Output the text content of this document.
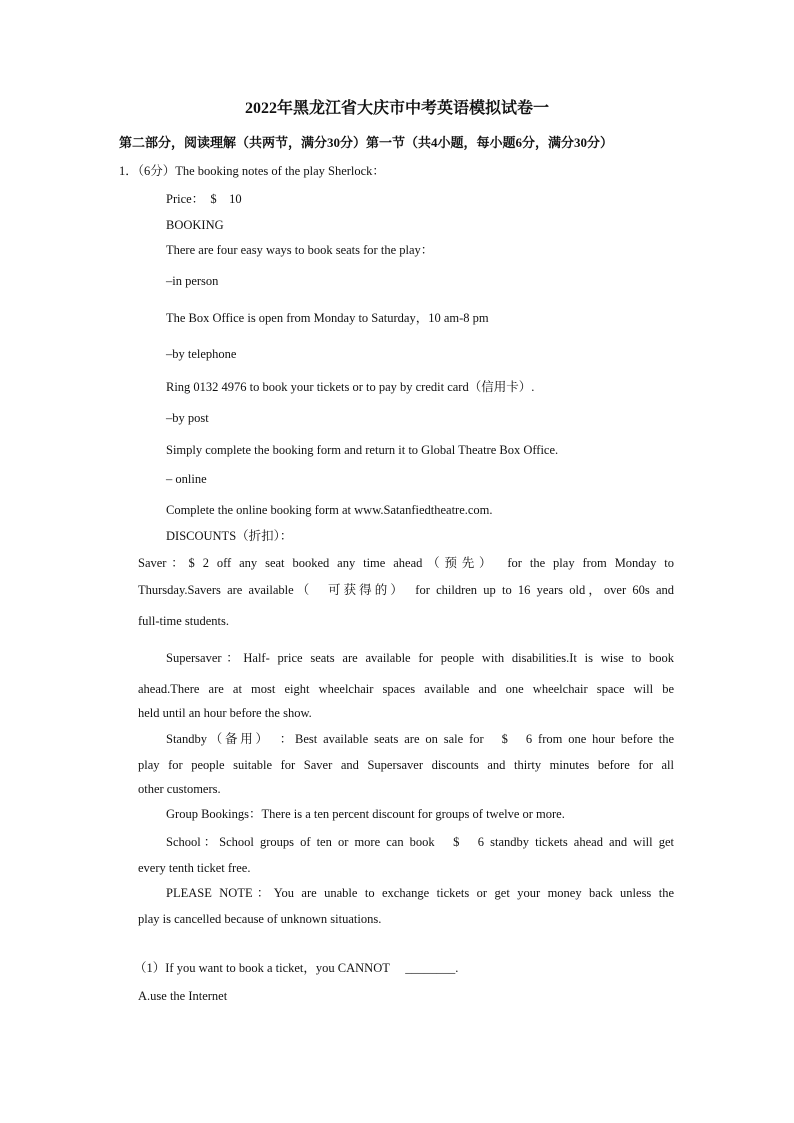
2022年黑龙江省大庆市中考英语模拟试卷一
第二部分，阅读理解（共两节，满分30分）第一节（共4小题，每小题6分，满分30分）
1．（6分）The booking notes of the play Sherlock：
Price：　$　10
BOOKING
There are four easy ways to book seats for the play：
–in person
The Box Office is open from Monday to Saturday，10 am-8 pm
–by telephone
Ring 0132 4976 to book your tickets or to pay by credit card（信用卡）.
–by post
Simply complete the booking form and return it to Global Theatre Box Office.
– online
Complete the online booking form at www.Satanfiedtheatre.com.
DISCOUNTS（折扣）：
Saver：$ 2 off any seat booked any time ahead（预先）　for the play from Monday to
Thursday.Savers are available（　可获得的）　for children up to 16 years old，over 60s and
full-time students.
Supersaver：Half- price seats are available for people with disabilities.It is wise to book
ahead.There are at most eight wheelchair spaces available and one wheelchair space will be
held until an hour before the show.
Standby（备用）　：Best available seats are on sale for　$　6 from one hour before the
play for people suitable for Saver and Supersaver discounts and thirty minutes before for all
other customers.
Group Bookings：There is a ten percent discount for groups of twelve or more.
School：School groups of ten or more can book　$　6 standby tickets ahead and will get
every tenth ticket free.
PLEASE NOTE：You are unable to exchange tickets or get your money back unless the
play is cancelled because of unknown situations.
（1）If you want to book a ticket，you CANNOT　 ________.
A.use the Internet
